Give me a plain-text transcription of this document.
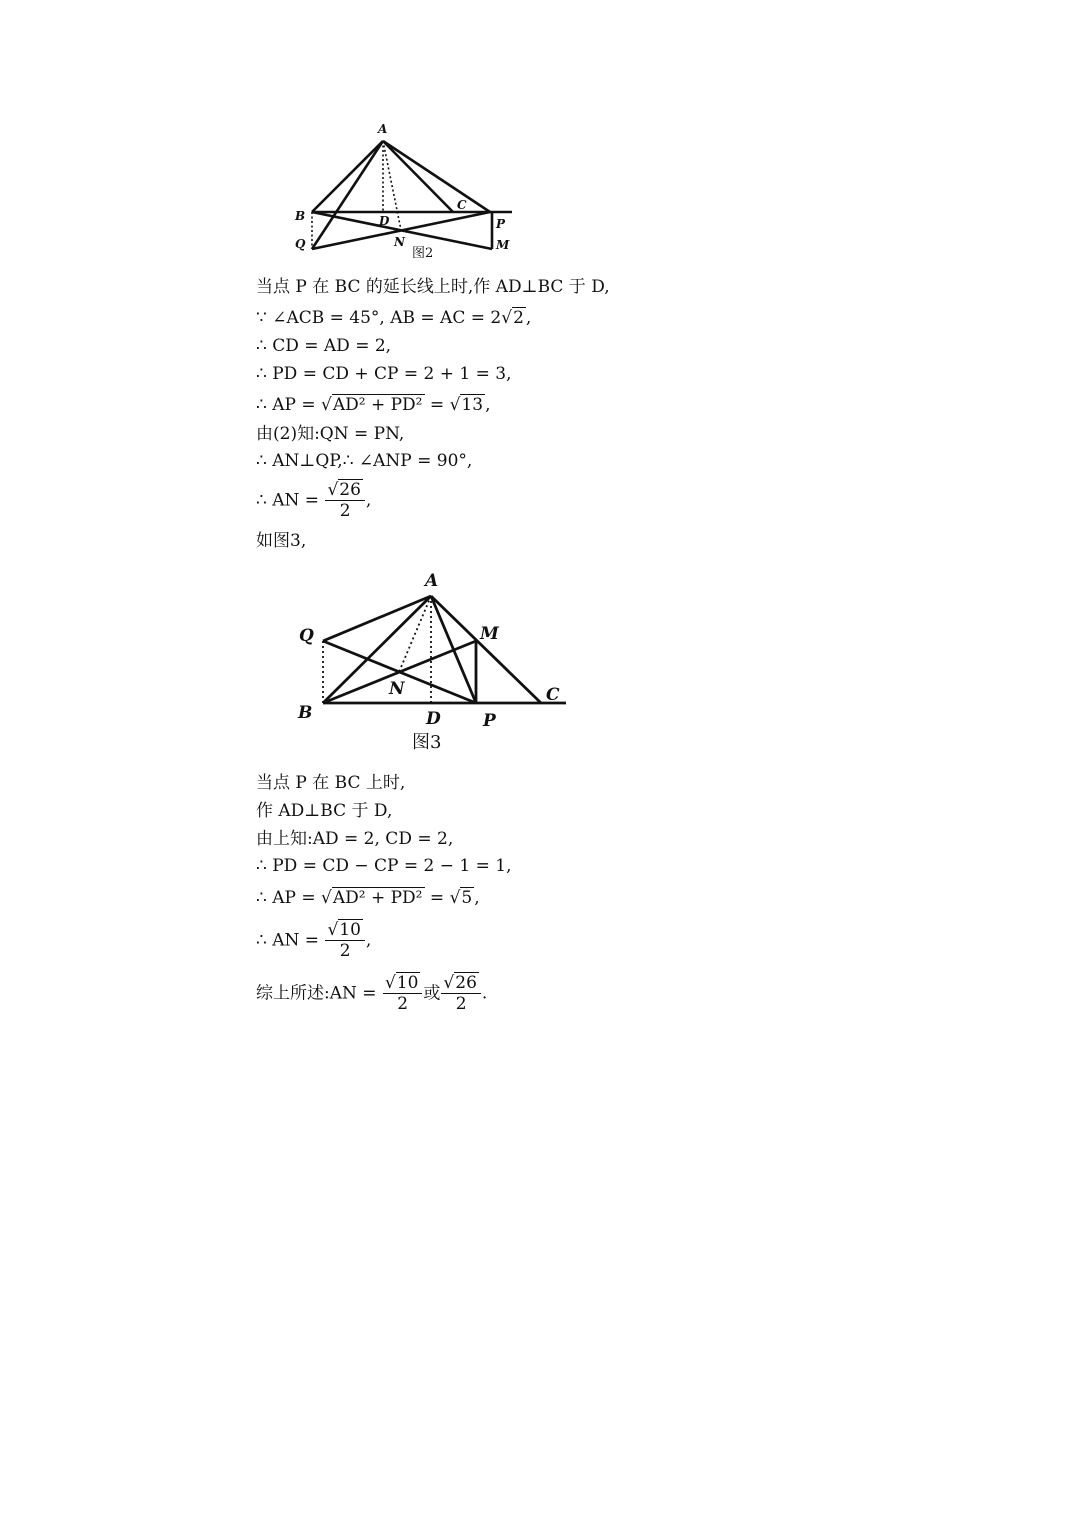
A
B
C
D
N
P
Q	M
图2
当点 P 在 BC 的延长线上时,作 AD⊥BC 于 D,
∵ ∠ACB = 45°, AB = AC = 2√2 ,
∴ CD = AD = 2,
∴ PD = CD + CP = 2 + 1 = 3,
∴ AP = √AD² + PD² = √13 ,
由(2)知:QN = PN,
∴ AN⊥QP,∴ ∠ANP = 90°,
∴ AN = $\frac{√26}{2}$ ,
如图3,
A
B
C
D
N
P
Q	M
图3
当点 P 在 BC 上时,
作 AD⊥BC 于 D,
由上知:AD = 2, CD = 2,
∴ PD = CD − CP = 2 − 1 = 1,
∴ AP = √AD² + PD² = √5 ,
∴ AN = $\frac{√10}{2}$ ,
综上所述:AN = $\frac{√10}{2}$ 或 $\frac{√26}{2}$ .
